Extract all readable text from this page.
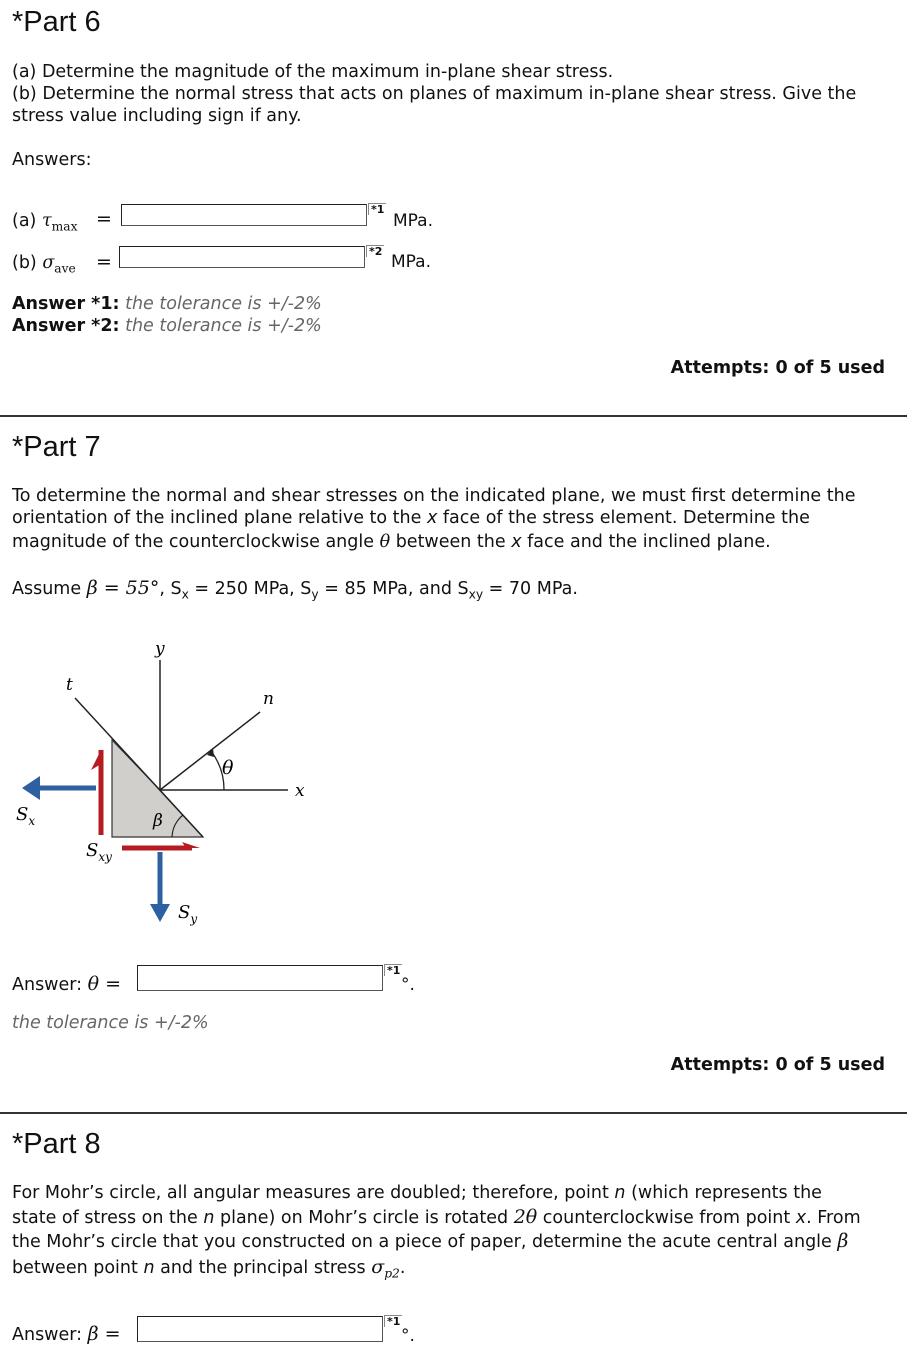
*Part 6
(a) Determine the magnitude of the maximum in-plane shear stress.
(b) Determine the normal stress that acts on planes of maximum in-plane shear stress. Give the
stress value including sign if any.
Answers:
(a) $\tau_{max}$ =	*1
MPa.
(b) $\sigma_{ave}$ =	*2
MPa.
Answer *1: the tolerance is +/-2%
Answer *2: the tolerance is +/-2%
Attempts: 0 of 5 used
*Part 7
To determine the normal and shear stresses on the indicated plane, we must first determine the
orientation of the inclined plane relative to the x face of the stress element. Determine the
magnitude of the counterclockwise angle θ between the x face and the inclined plane.
Assume β = 55°, $S_x = 250$ MPa, $S_y = 85$ MPa, and $S_{xy} = 70$ MPa.
y
t
n
x
θ
β
$S_x$
$S_{xy}$
$S_y$
Answer: θ =
*1
°.
the tolerance is +/-2%
Attempts: 0 of 5 used
*Part 8
For Mohr’s circle, all angular measures are doubled; therefore, point n (which represents the
state of stress on the n plane) on Mohr’s circle is rotated 2θ counterclockwise from point x. From
the Mohr’s circle that you constructed on a piece of paper, determine the acute central angle β
between point n and the principal stress $\sigma_{p2}$.
Answer: β =
*1
°.
